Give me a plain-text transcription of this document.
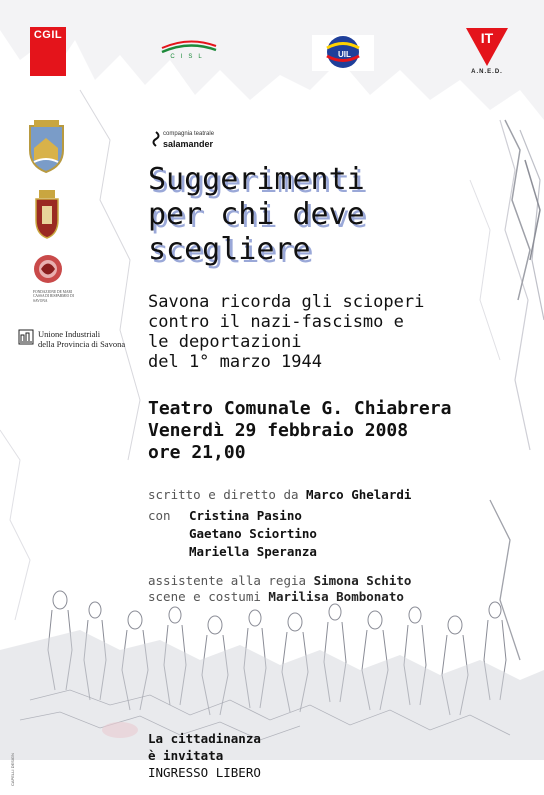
CGIL
CISL	UIL
IT
A.N.E.D.
compagnia teatrale
salamander
FONDAZIONE DE MARI CASSA DI RISPARMIO DI SAVONA
Unione Industriali
della Provincia di Savona
Suggerimenti
per chi deve
scegliere
Savona ricorda gli scioperi
contro il nazi-fascismo e
le deportazioni
del 1° marzo 1944
Teatro Comunale G. Chiabrera
Venerdì 29 febbraio 2008
ore 21,00
scritto e diretto da Marco Ghelardi
con Cristina Pasino
Gaetano Sciortino
Mariella Speranza
assistente alla regia Simona Schito
scene e costumi Marilisa Bombonato
La cittadinanza
è invitata
INGRESSO LIBERO
CAPELLI DESIGN
